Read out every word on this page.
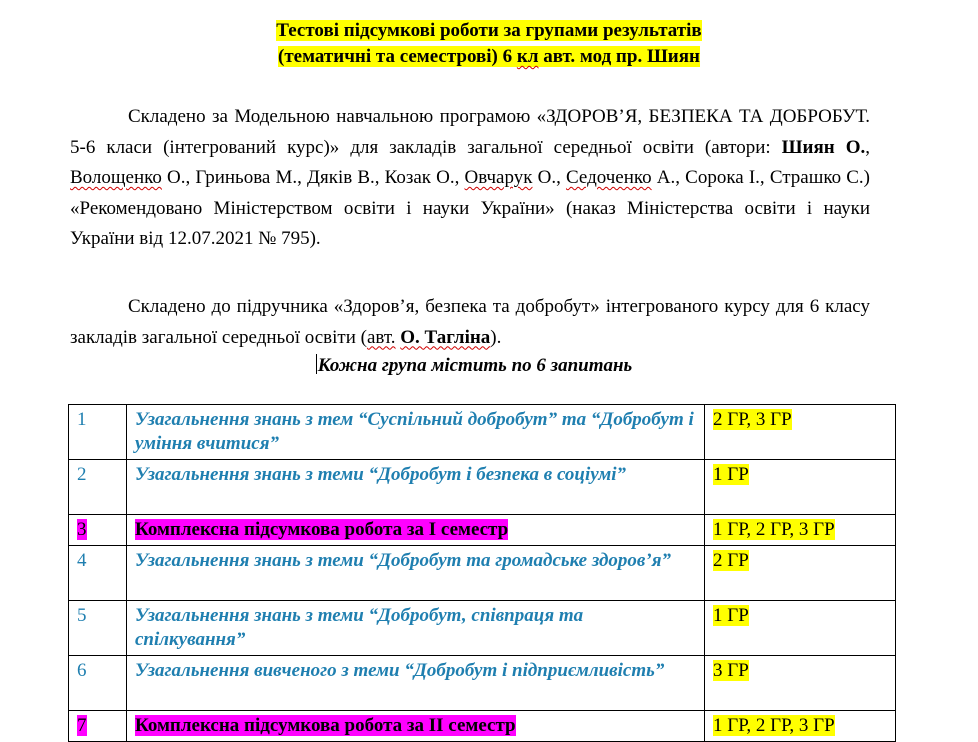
Тестові підсумкові роботи за групами результатів
(тематичні та семестрові) 6 кл авт. мод пр. Шиян
Складено за Модельною навчальною програмою «ЗДОРОВ’Я, БЕЗПЕКА ТА ДОБРОБУТ. 5-6 класи (інтегрований курс)» для закладів загальної середньої освіти (автори: Шиян О., Волощенко О., Гриньова М., Дяків В., Козак О., Овчарук О., Седоченко А., Сорока І., Страшко С.) «Рекомендовано Міністерством освіти і науки України» (наказ Міністерства освіти і науки України від 12.07.2021 № 795).
Складено до підручника «Здоров’я, безпека та добробут» інтегрованого курсу для 6 класу закладів загальної середньої освіти (авт. О. Тагліна).
Кожна група містить по 6 запитань
1	Узагальнення знань з тем “Суспільний добробут” та “Добробут і уміння вчитися”	2 ГР, 3 ГР
2	Узагальнення знань з теми “Добробут і безпека в соціумі”	1 ГР
3	Комплексна підсумкова робота за І семестр	1 ГР, 2 ГР, 3 ГР
4	Узагальнення знань з теми “Добробут та громадське здоров’я”	2 ГР
5	Узагальнення знань з теми “Добробут, співпраця та спілкування”	1 ГР
6	Узагальнення вивченого з теми “Добробут і підприємливість”	3 ГР
7	Комплексна підсумкова робота за ІІ семестр	1 ГР, 2 ГР, 3 ГР
